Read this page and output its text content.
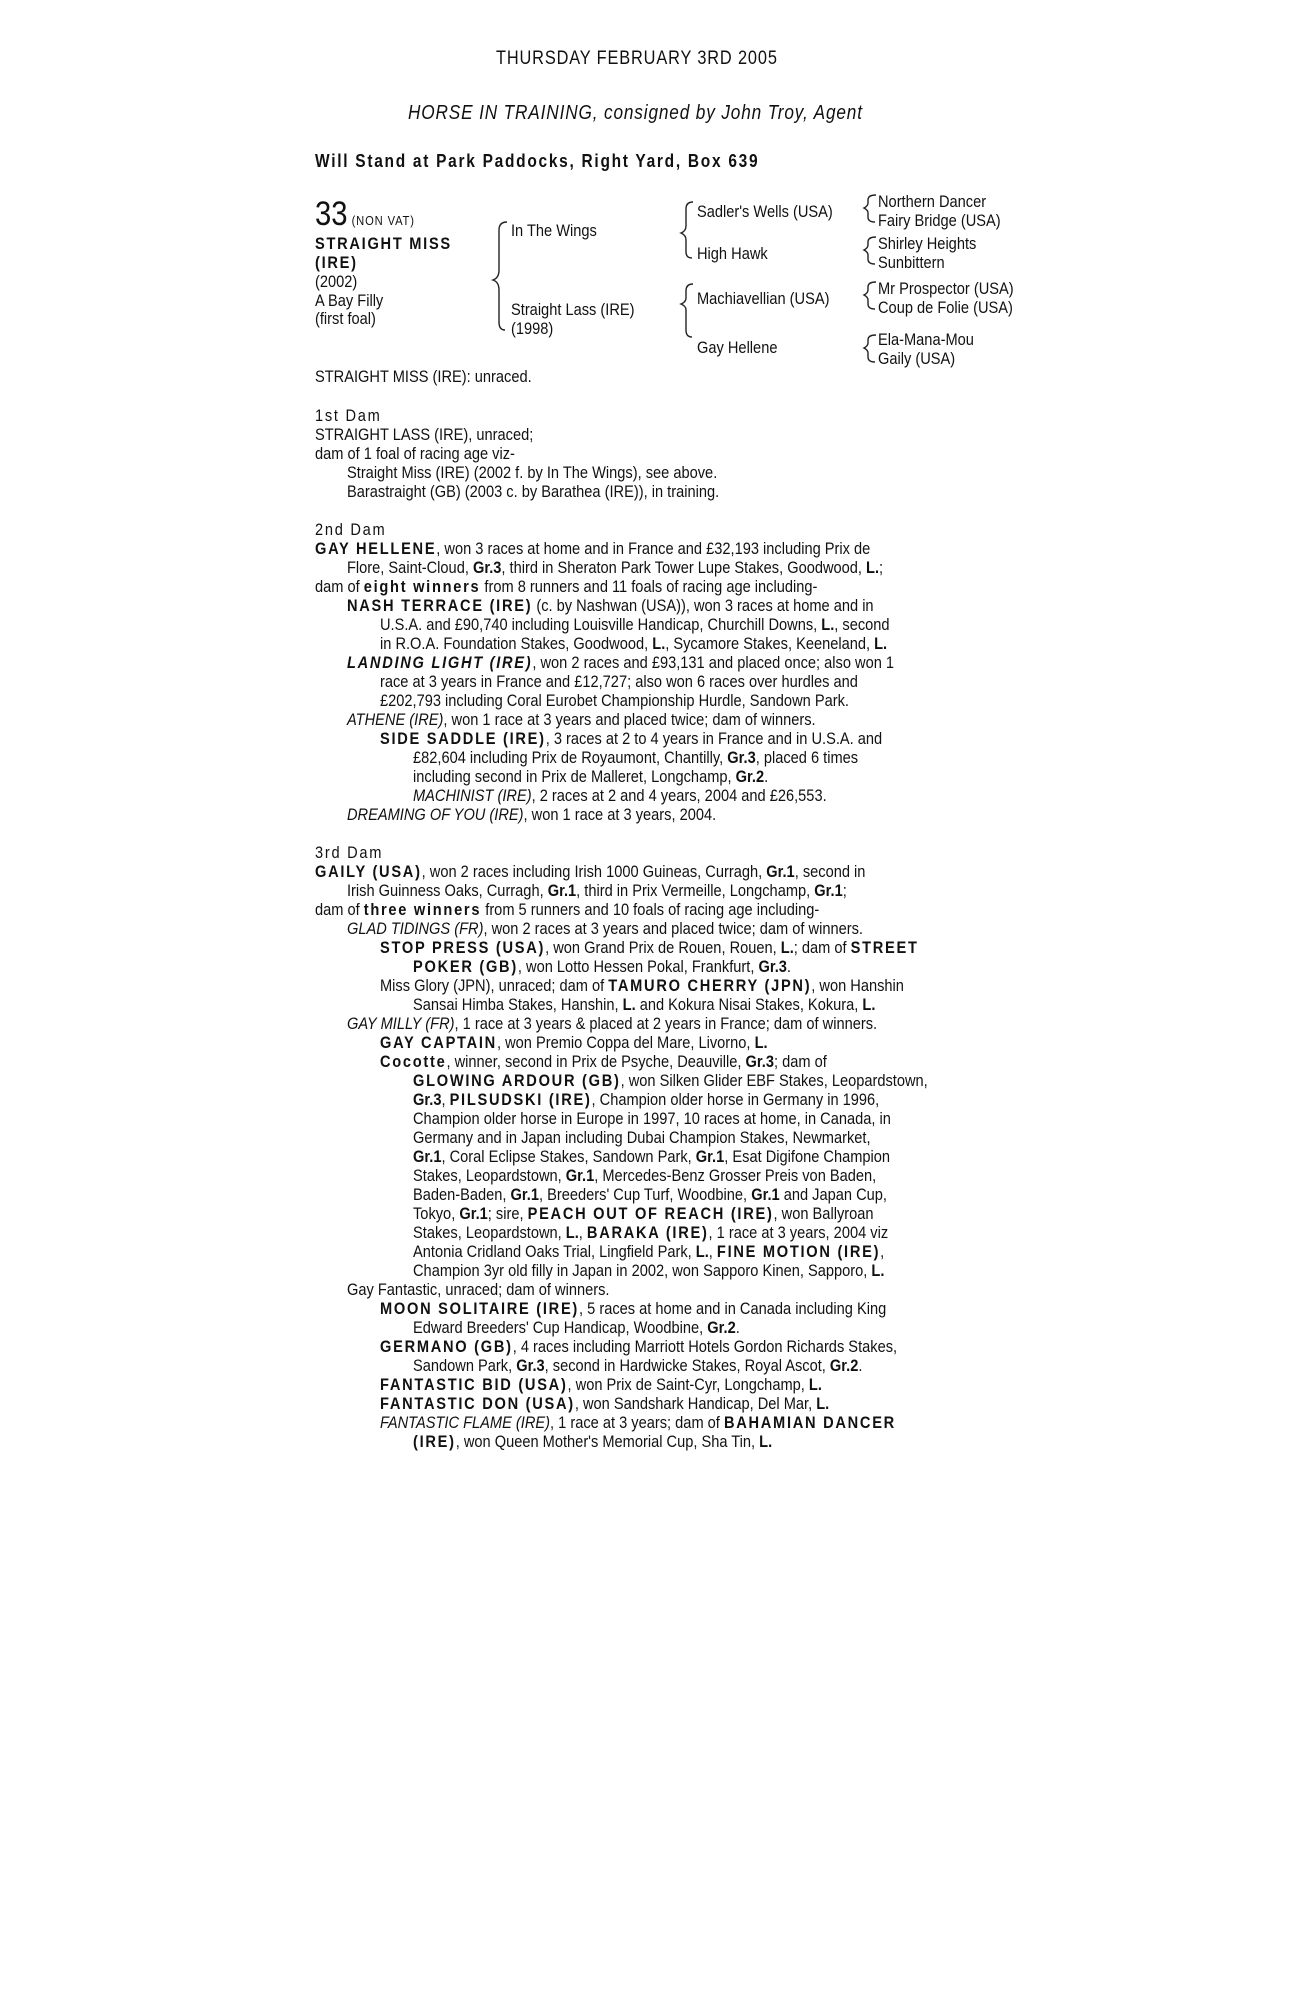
THURSDAY FEBRUARY 3RD 2005
HORSE IN TRAINING, consigned by John Troy, Agent
Will Stand at Park Paddocks, Right Yard, Box 639
33 (NON VAT)
STRAIGHT MISS
(IRE)
(2002)
A Bay Filly
(first foal)
In The Wings
Straight Lass (IRE)
(1998)
Sadler's Wells (USA)
High Hawk
Machiavellian (USA)
Gay Hellene
Northern Dancer
Fairy Bridge (USA)
Shirley Heights
Sunbittern
Mr Prospector (USA)
Coup de Folie (USA)
Ela-Mana-Mou
Gaily (USA)
STRAIGHT MISS (IRE): unraced.
1st Dam
STRAIGHT LASS (IRE), unraced;
dam of 1 foal of racing age viz-
Straight Miss (IRE) (2002 f. by In The Wings), see above.
Barastraight (GB) (2003 c. by Barathea (IRE)), in training.
2nd Dam
GAY HELLENE, won 3 races at home and in France and £32,193 including Prix de
Flore, Saint-Cloud, Gr.3, third in Sheraton Park Tower Lupe Stakes, Goodwood, L.;
dam of eight winners from 8 runners and 11 foals of racing age including-
NASH TERRACE (IRE) (c. by Nashwan (USA)), won 3 races at home and in
U.S.A. and £90,740 including Louisville Handicap, Churchill Downs, L., second
in R.O.A. Foundation Stakes, Goodwood, L., Sycamore Stakes, Keeneland, L.
LANDING LIGHT (IRE), won 2 races and £93,131 and placed once; also won 1
race at 3 years in France and £12,727; also won 6 races over hurdles and
£202,793 including Coral Eurobet Championship Hurdle, Sandown Park.
ATHENE (IRE), won 1 race at 3 years and placed twice; dam of winners.
SIDE SADDLE (IRE), 3 races at 2 to 4 years in France and in U.S.A. and
£82,604 including Prix de Royaumont, Chantilly, Gr.3, placed 6 times
including second in Prix de Malleret, Longchamp, Gr.2.
MACHINIST (IRE), 2 races at 2 and 4 years, 2004 and £26,553.
DREAMING OF YOU (IRE), won 1 race at 3 years, 2004.
3rd Dam
GAILY (USA), won 2 races including Irish 1000 Guineas, Curragh, Gr.1, second in
Irish Guinness Oaks, Curragh, Gr.1, third in Prix Vermeille, Longchamp, Gr.1;
dam of three winners from 5 runners and 10 foals of racing age including-
GLAD TIDINGS (FR), won 2 races at 3 years and placed twice; dam of winners.
STOP PRESS (USA), won Grand Prix de Rouen, Rouen, L.; dam of STREET
POKER (GB), won Lotto Hessen Pokal, Frankfurt, Gr.3.
Miss Glory (JPN), unraced; dam of TAMURO CHERRY (JPN), won Hanshin
Sansai Himba Stakes, Hanshin, L. and Kokura Nisai Stakes, Kokura, L.
GAY MILLY (FR), 1 race at 3 years & placed at 2 years in France; dam of winners.
GAY CAPTAIN, won Premio Coppa del Mare, Livorno, L.
Cocotte, winner, second in Prix de Psyche, Deauville, Gr.3; dam of
GLOWING ARDOUR (GB), won Silken Glider EBF Stakes, Leopardstown,
Gr.3, PILSUDSKI (IRE), Champion older horse in Germany in 1996,
Champion older horse in Europe in 1997, 10 races at home, in Canada, in
Germany and in Japan including Dubai Champion Stakes, Newmarket,
Gr.1, Coral Eclipse Stakes, Sandown Park, Gr.1, Esat Digifone Champion
Stakes, Leopardstown, Gr.1, Mercedes-Benz Grosser Preis von Baden,
Baden-Baden, Gr.1, Breeders' Cup Turf, Woodbine, Gr.1 and Japan Cup,
Tokyo, Gr.1; sire, PEACH OUT OF REACH (IRE), won Ballyroan
Stakes, Leopardstown, L., BARAKA (IRE), 1 race at 3 years, 2004 viz
Antonia Cridland Oaks Trial, Lingfield Park, L., FINE MOTION (IRE),
Champion 3yr old filly in Japan in 2002, won Sapporo Kinen, Sapporo, L.
Gay Fantastic, unraced; dam of winners.
MOON SOLITAIRE (IRE), 5 races at home and in Canada including King
Edward Breeders' Cup Handicap, Woodbine, Gr.2.
GERMANO (GB), 4 races including Marriott Hotels Gordon Richards Stakes,
Sandown Park, Gr.3, second in Hardwicke Stakes, Royal Ascot, Gr.2.
FANTASTIC BID (USA), won Prix de Saint-Cyr, Longchamp, L.
FANTASTIC DON (USA), won Sandshark Handicap, Del Mar, L.
FANTASTIC FLAME (IRE), 1 race at 3 years; dam of BAHAMIAN DANCER
(IRE), won Queen Mother's Memorial Cup, Sha Tin, L.
